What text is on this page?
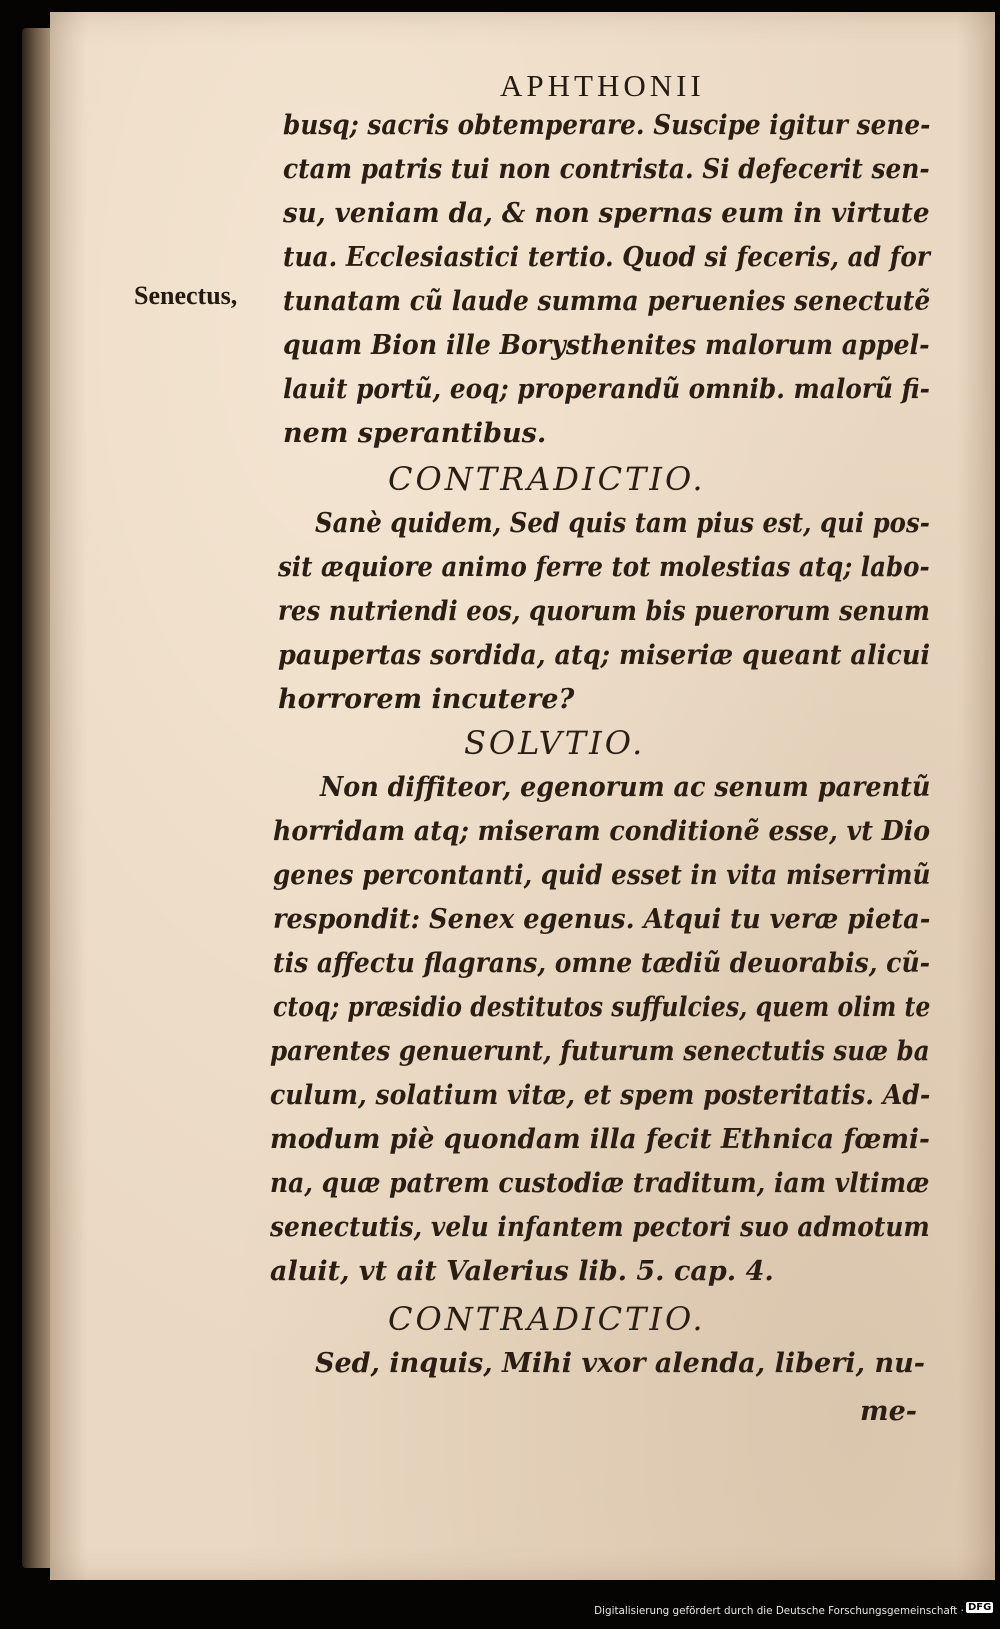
APHTHONII
Senectus,
busq; sacris obtemperare. Suscipe igitur sene-
ctam patris tui non contrista. Si defecerit sen-
su, veniam da, & non spernas eum in virtute
tua. Ecclesiastici tertio. Quod si feceris, ad for
tunatam cũ laude summa peruenies senectutẽ
quam Bion ille Borysthenites malorum appel-
lauit portũ, eoq; properandũ omnib. malorũ fi-
nem sperantibus.
CONTRADICTIO.
Sanè quidem, Sed quis tam pius est, qui pos-
sit æquiore animo ferre tot molestias atq; labo-
res nutriendi eos, quorum bis puerorum senum
paupertas sordida, atq; miseriæ queant alicui
horrorem incutere?
SOLVTIO.
Non diffiteor, egenorum ac senum parentũ
horridam atq; miseram conditionẽ esse, vt Dio
genes percontanti, quid esset in vita miserrimũ
respondit: Senex egenus. Atqui tu veræ pieta-
tis affectu flagrans, omne tædiũ deuorabis, cũ-
ctoq; præsidio destitutos suffulcies, quem olim te
parentes genuerunt, futurum senectutis suæ ba
culum, solatium vitæ, et spem posteritatis. Ad-
modum piè quondam illa fecit Ethnica fœmi-
na, quæ patrem custodiæ traditum, iam vltimæ
senectutis, velu infantem pectori suo admotum
aluit, vt ait Valerius lib. 5. cap. 4.
CONTRADICTIO.
Sed, inquis, Mihi vxor alenda, liberi, nu-
me-
Digitalisierung gefördert durch die Deutsche Forschungsgemeinschaft · DFG
